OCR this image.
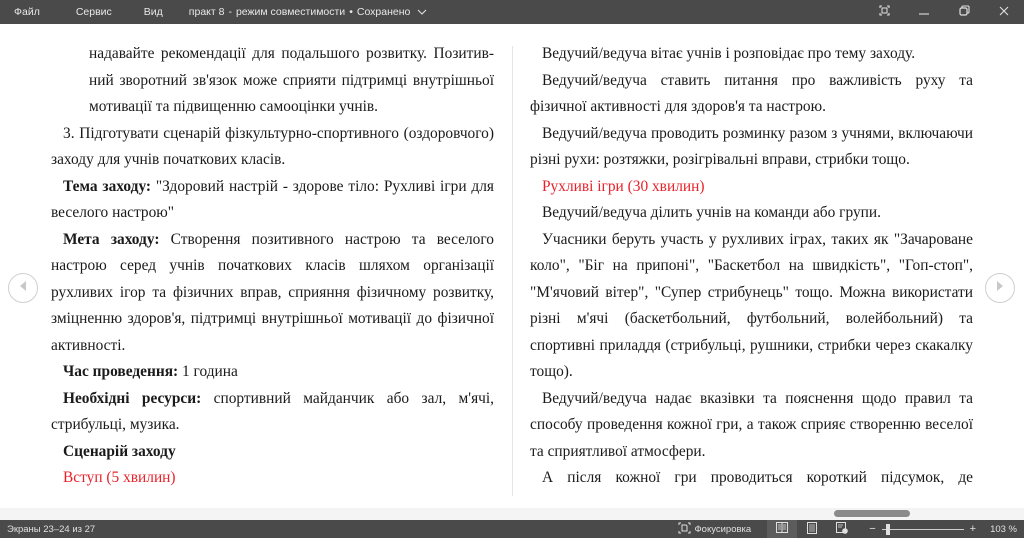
Файл	Сервис	Вид практ 8 - режим совместимости • Сохранено
надавайте рекомендації для подальшого розвитку. Позитив-
ний зворотний зв'язок може сприяти підтримці внутрішньої
мотивації та підвищенню самооцінки учнів.

3. Підготувати сценарій фізкультурно-спортивного (оздоровчого) заходу для учнів початкових класів.

Тема заходу: "Здоровий настрій - здорове тіло: Рухливі ігри для веселого настрою"

Мета заходу: Створення позитивного настрою та веселого настрою серед учнів початкових класів шляхом організації рухливих ігор та фізичних вправ, сприяння фізичному розвитку, зміцненню здоров'я, підтримці внутрішньої мотивації до фізичної активності.

Час проведення: 1 година

Необхідні ресурси: спортивний майданчик або зал, м'ячі, стрибульці, музика.

Сценарій заходу

Вступ (5 хвилин)

Ведучий/ведуча вітає учнів і розповідає про тему заходу.

Ведучий/ведуча ставить питання про важливість руху та фізичної активності для здоров'я та настрою.

Ведучий/ведуча проводить розминку разом з учнями, включаючи різні рухи: розтяжки, розігрівальні вправи, стрибки тощо.

Рухливі ігри (30 хвилин)

Ведучий/ведуча ділить учнів на команди або групи.

Учасники беруть участь у рухливих іграх, таких як "Зачароване коло", "Біг на припоні", "Баскетбол на швидкість", "Гоп-стоп", "М'ячовий вітер", "Супер стрибунець" тощо. Можна використати різні м'ячі (баскетбольний, футбольний, волейбольний) та спортивні приладдя (стрибульці, рушники, стрибки через скакалку тощо).

Ведучий/ведуча надає вказівки та пояснення щодо правил та способу проведення кожної гри, а також сприяє створенню веселої та сприятливої атмосфери.

А після кожної гри проводиться короткий підсумок, де

Экраны 23–24 из 27	Фокусировка	−	+	103 %
